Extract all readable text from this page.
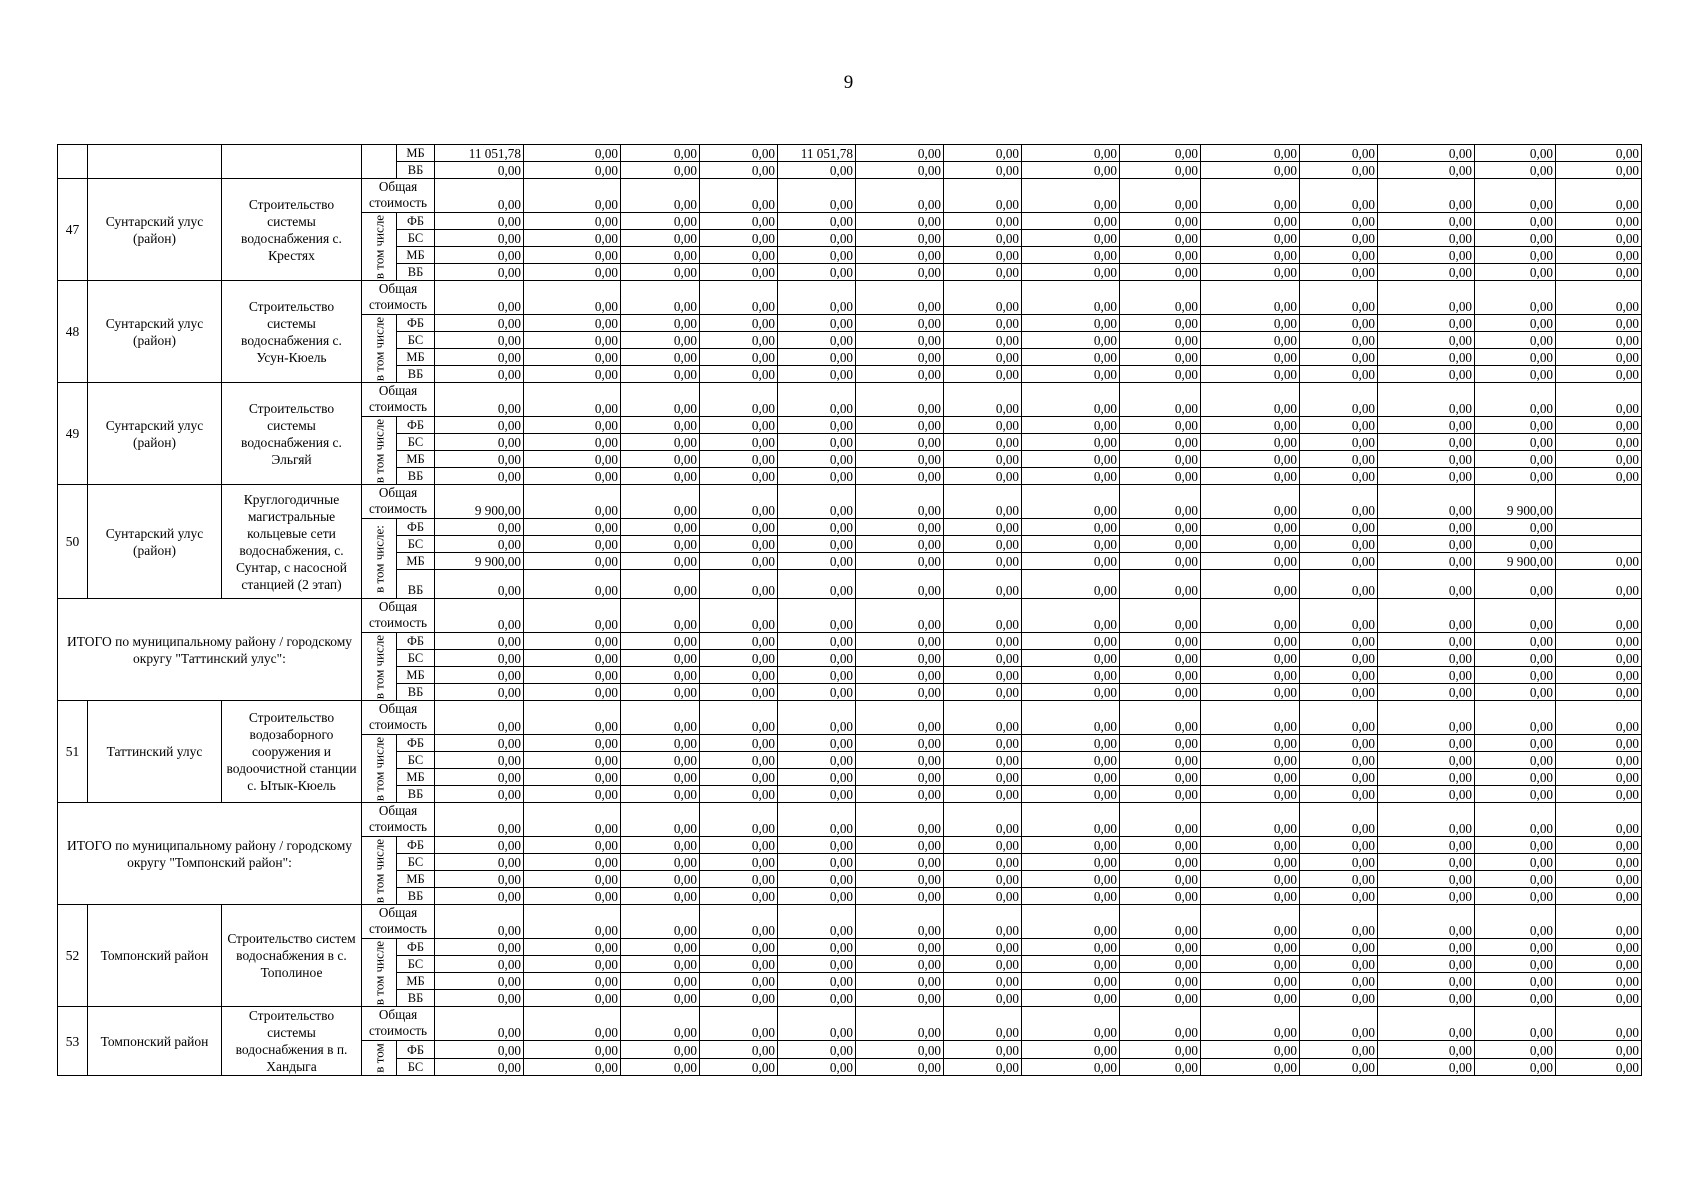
9
				МБ	11 051,78	0,00	0,00	0,00	11 051,78	0,00	0,00	0,00	0,00	0,00	0,00	0,00	0,00	0,00
				ВБ	0,00	0,00	0,00	0,00	0,00	0,00	0,00	0,00	0,00	0,00	0,00	0,00	0,00	0,00
47	Сунтарский улус (район)	Строительство системы водоснабжения с. Крестях	Общая стоимость		0,00	0,00	0,00	0,00	0,00	0,00	0,00	0,00	0,00	0,00	0,00	0,00	0,00	0,00

			в том числе	ФБ	0,00	0,00	0,00	0,00	0,00	0,00	0,00	0,00	0,00	0,00	0,00	0,00	0,00	0,00
				БС	0,00	0,00	0,00	0,00	0,00	0,00	0,00	0,00	0,00	0,00	0,00	0,00	0,00	0,00
				МБ	0,00	0,00	0,00	0,00	0,00	0,00	0,00	0,00	0,00	0,00	0,00	0,00	0,00	0,00
				ВБ	0,00	0,00	0,00	0,00	0,00	0,00	0,00	0,00	0,00	0,00	0,00	0,00	0,00	0,00
48	Сунтарский улус (район)	Строительство системы водоснабжения с. Усун-Кюель	Общая стоимость		0,00	0,00	0,00	0,00	0,00	0,00	0,00	0,00	0,00	0,00	0,00	0,00	0,00	0,00

			в том числе	ФБ	0,00	0,00	0,00	0,00	0,00	0,00	0,00	0,00	0,00	0,00	0,00	0,00	0,00	0,00
				БС	0,00	0,00	0,00	0,00	0,00	0,00	0,00	0,00	0,00	0,00	0,00	0,00	0,00	0,00
				МБ	0,00	0,00	0,00	0,00	0,00	0,00	0,00	0,00	0,00	0,00	0,00	0,00	0,00	0,00
				ВБ	0,00	0,00	0,00	0,00	0,00	0,00	0,00	0,00	0,00	0,00	0,00	0,00	0,00	0,00
49	Сунтарский улус (район)	Строительство системы водоснабжения с. Эльгяй	Общая стоимость		0,00	0,00	0,00	0,00	0,00	0,00	0,00	0,00	0,00	0,00	0,00	0,00	0,00	0,00

			в том числе	ФБ	0,00	0,00	0,00	0,00	0,00	0,00	0,00	0,00	0,00	0,00	0,00	0,00	0,00	0,00
				БС	0,00	0,00	0,00	0,00	0,00	0,00	0,00	0,00	0,00	0,00	0,00	0,00	0,00	0,00
				МБ	0,00	0,00	0,00	0,00	0,00	0,00	0,00	0,00	0,00	0,00	0,00	0,00	0,00	0,00
				ВБ	0,00	0,00	0,00	0,00	0,00	0,00	0,00	0,00	0,00	0,00	0,00	0,00	0,00	0,00
50	Сунтарский улус (район)	Круглогодичные магистральные кольцевые сети водоснабжения, с. Сунтар, с насосной станцией (2 этап)	Общая стоимость		9 900,00	0,00	0,00	0,00	0,00	0,00	0,00	0,00	0,00	0,00	0,00	0,00	9 900,00	

			в том числе:	ФБ	0,00	0,00	0,00	0,00	0,00	0,00	0,00	0,00	0,00	0,00	0,00	0,00	0,00	
				БС	0,00	0,00	0,00	0,00	0,00	0,00	0,00	0,00	0,00	0,00	0,00	0,00	0,00	
				МБ	9 900,00	0,00	0,00	0,00	0,00	0,00	0,00	0,00	0,00	0,00	0,00	0,00	9 900,00	0,00
				ВБ	0,00	0,00	0,00	0,00	0,00	0,00	0,00	0,00	0,00	0,00	0,00	0,00	0,00	0,00
ИТОГО по муниципальному району / городскому округу "Таттинский улус":			Общая стоимость		0,00	0,00	0,00	0,00	0,00	0,00	0,00	0,00	0,00	0,00	0,00	0,00	0,00	0,00

			в том числе	ФБ	0,00	0,00	0,00	0,00	0,00	0,00	0,00	0,00	0,00	0,00	0,00	0,00	0,00	0,00
				БС	0,00	0,00	0,00	0,00	0,00	0,00	0,00	0,00	0,00	0,00	0,00	0,00	0,00	0,00
				МБ	0,00	0,00	0,00	0,00	0,00	0,00	0,00	0,00	0,00	0,00	0,00	0,00	0,00	0,00
				ВБ	0,00	0,00	0,00	0,00	0,00	0,00	0,00	0,00	0,00	0,00	0,00	0,00	0,00	0,00
51	Таттинский улус	Строительство водозаборного сооружения и водоочистной станции с. Ытык-Кюель	Общая стоимость		0,00	0,00	0,00	0,00	0,00	0,00	0,00	0,00	0,00	0,00	0,00	0,00	0,00	0,00

			в том числе	ФБ	0,00	0,00	0,00	0,00	0,00	0,00	0,00	0,00	0,00	0,00	0,00	0,00	0,00	0,00
				БС	0,00	0,00	0,00	0,00	0,00	0,00	0,00	0,00	0,00	0,00	0,00	0,00	0,00	0,00
				МБ	0,00	0,00	0,00	0,00	0,00	0,00	0,00	0,00	0,00	0,00	0,00	0,00	0,00	0,00
				ВБ	0,00	0,00	0,00	0,00	0,00	0,00	0,00	0,00	0,00	0,00	0,00	0,00	0,00	0,00
ИТОГО по муниципальному району / городскому округу "Томпонский район":			Общая стоимость		0,00	0,00	0,00	0,00	0,00	0,00	0,00	0,00	0,00	0,00	0,00	0,00	0,00	0,00

			в том числе	ФБ	0,00	0,00	0,00	0,00	0,00	0,00	0,00	0,00	0,00	0,00	0,00	0,00	0,00	0,00
				БС	0,00	0,00	0,00	0,00	0,00	0,00	0,00	0,00	0,00	0,00	0,00	0,00	0,00	0,00
				МБ	0,00	0,00	0,00	0,00	0,00	0,00	0,00	0,00	0,00	0,00	0,00	0,00	0,00	0,00
				ВБ	0,00	0,00	0,00	0,00	0,00	0,00	0,00	0,00	0,00	0,00	0,00	0,00	0,00	0,00
52	Томпонский район	Строительство систем водоснабжения в с. Тополиное	Общая стоимость		0,00	0,00	0,00	0,00	0,00	0,00	0,00	0,00	0,00	0,00	0,00	0,00	0,00	0,00

			в том числе	ФБ	0,00	0,00	0,00	0,00	0,00	0,00	0,00	0,00	0,00	0,00	0,00	0,00	0,00	0,00
				БС	0,00	0,00	0,00	0,00	0,00	0,00	0,00	0,00	0,00	0,00	0,00	0,00	0,00	0,00
				МБ	0,00	0,00	0,00	0,00	0,00	0,00	0,00	0,00	0,00	0,00	0,00	0,00	0,00	0,00
				ВБ	0,00	0,00	0,00	0,00	0,00	0,00	0,00	0,00	0,00	0,00	0,00	0,00	0,00	0,00
53	Томпонский район	Строительство системы водоснабжения в п. Хандыга	Общая стоимость		0,00	0,00	0,00	0,00	0,00	0,00	0,00	0,00	0,00	0,00	0,00	0,00	0,00	0,00

			в том	ФБ	0,00	0,00	0,00	0,00	0,00	0,00	0,00	0,00	0,00	0,00	0,00	0,00	0,00	0,00
				БС	0,00	0,00	0,00	0,00	0,00	0,00	0,00	0,00	0,00	0,00	0,00	0,00	0,00	0,00
